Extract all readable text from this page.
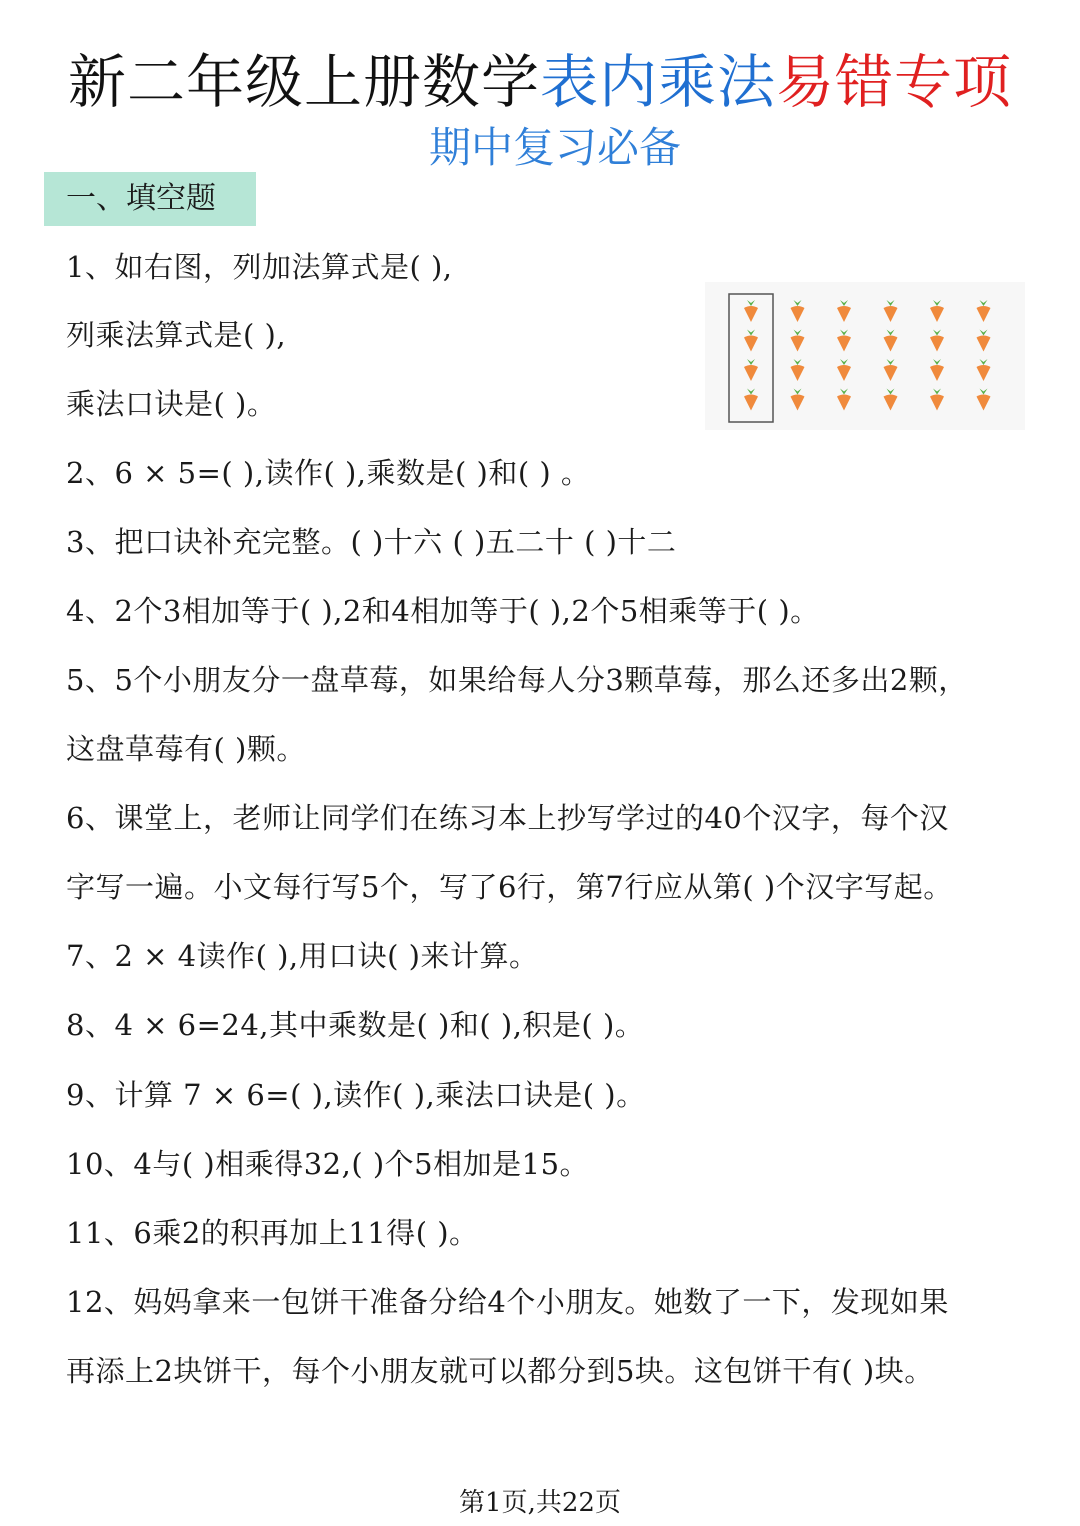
新二年级上册数学表内乘法易错专项
期中复习必备
一、填空题
1、如右图，列加法算式是( ),
列乘法算式是( ),
乘法口诀是( )。
2、6 × 5=( ),读作( ),乘数是( )和( ) 。
3、把口诀补充完整。( )十六 ( )五二十 ( )十二
4、2个3相加等于( ),2和4相加等于( ),2个5相乘等于( )。
5、5个小朋友分一盘草莓，如果给每人分3颗草莓，那么还多出2颗，
这盘草莓有( )颗。
6、课堂上，老师让同学们在练习本上抄写学过的40个汉字，每个汉
字写一遍。小文每行写5个，写了6行，第7行应从第( )个汉字写起。
7、2 × 4读作( ),用口诀( )来计算。
8、4 × 6=24,其中乘数是( )和( ),积是( )。
9、计算 7 × 6=( ),读作( ),乘法口诀是( )。
10、4与( )相乘得32,( )个5相加是15。
11、6乘2的积再加上11得( )。
12、妈妈拿来一包饼干准备分给4个小朋友。她数了一下，发现如果
再添上2块饼干，每个小朋友就可以都分到5块。这包饼干有( )块。
第1页,共22页
